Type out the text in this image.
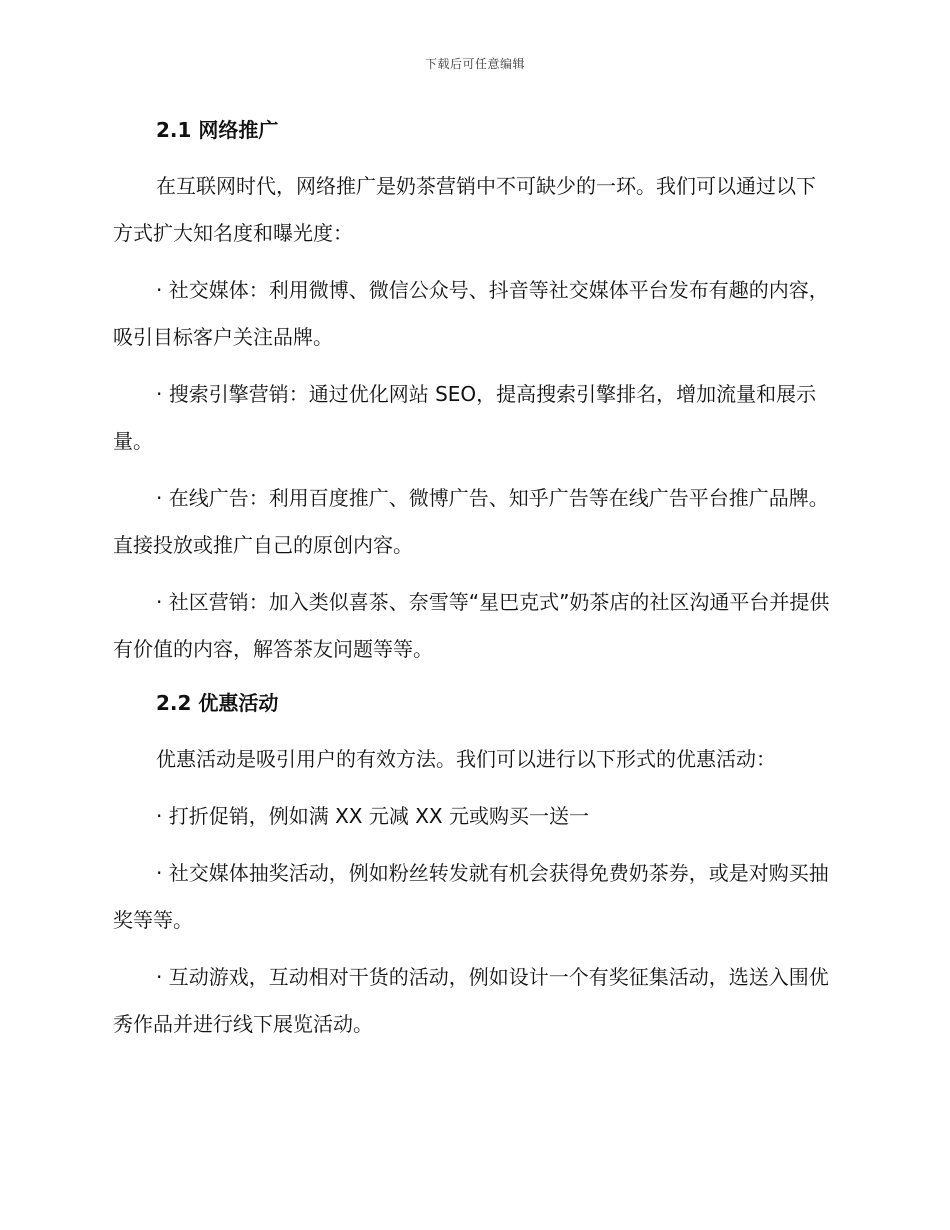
下载后可任意编辑
2.1 网络推广

在互联网时代，网络推广是奶茶营销中不可缺少的一环。我们可以通过以下方式扩大知名度和曝光度：

· 社交媒体：利用微博、微信公众号、抖音等社交媒体平台发布有趣的内容，吸引目标客户关注品牌。

· 搜索引擎营销：通过优化网站 SEO，提高搜索引擎排名，增加流量和展示量。

· 在线广告：利用百度推广、微博广告、知乎广告等在线广告平台推广品牌。直接投放或推广自己的原创内容。

· 社区营销：加入类似喜茶、奈雪等“星巴克式”奶茶店的社区沟通平台并提供有价值的内容，解答茶友问题等等。

2.2 优惠活动

优惠活动是吸引用户的有效方法。我们可以进行以下形式的优惠活动：

· 打折促销，例如满 XX 元减 XX 元或购买一送一

· 社交媒体抽奖活动，例如粉丝转发就有机会获得免费奶茶券，或是对购买抽奖等等。

· 互动游戏，互动相对干货的活动，例如设计一个有奖征集活动，选送入围优秀作品并进行线下展览活动。
